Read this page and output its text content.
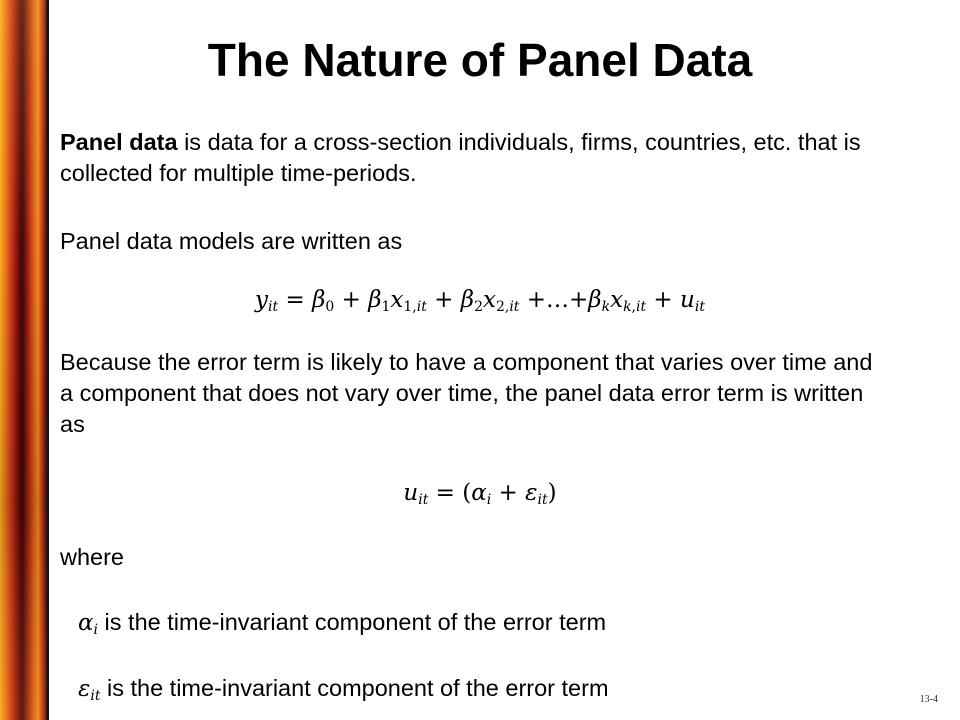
The Nature of Panel Data
Panel data is data for a cross-section individuals, firms, countries, etc. that is collected for multiple time-periods.
Panel data models are written as
$y_{it} = \beta_0 + \beta_1x_{1,it} + \beta_2x_{2,it}$ $+\dots+\beta_kx_{k,it} + u_{it}$
Because the error term is likely to have a component that varies over time and a component that does not vary over time, the panel data error term is written as
$u_{it} = (\alpha_i + \varepsilon_{it})$
where
$\alpha_i$ is the time-invariant component of the error term
$\varepsilon_{it}$ is the time-invariant component of the error term	13-4
